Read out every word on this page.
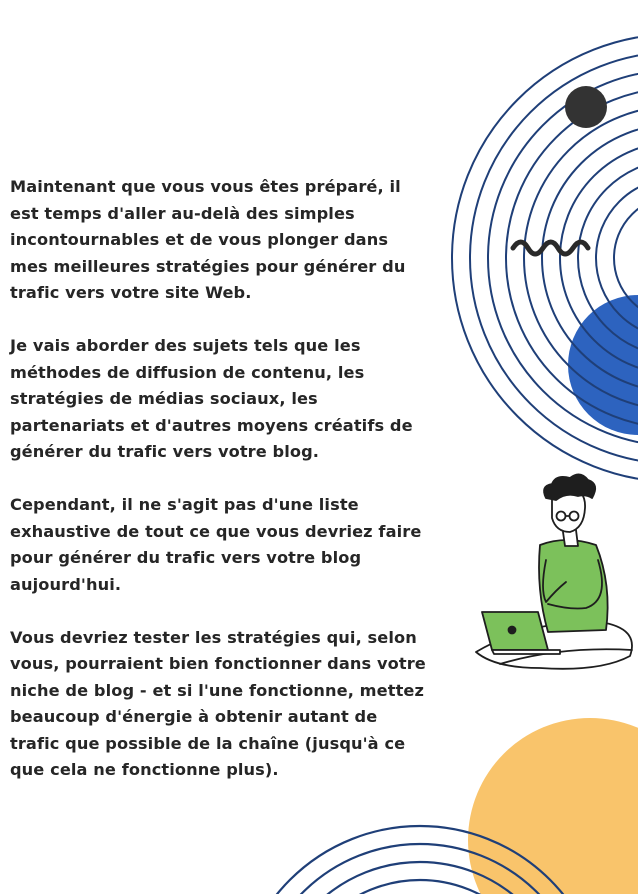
Maintenant que vous vous êtes préparé, il
est temps d'aller au-delà des simples
incontournables et de vous plonger dans
mes meilleures stratégies pour générer du
trafic vers votre site Web.

Je vais aborder des sujets tels que les
méthodes de diffusion de contenu, les
stratégies de médias sociaux, les
partenariats et d'autres moyens créatifs de
générer du trafic vers votre blog.

Cependant, il ne s'agit pas d'une liste
exhaustive de tout ce que vous devriez faire
pour générer du trafic vers votre blog
aujourd'hui.

Vous devriez tester les stratégies qui, selon
vous, pourraient bien fonctionner dans votre
niche de blog - et si l'une fonctionne, mettez
beaucoup d'énergie à obtenir autant de
trafic que possible de la chaîne (jusqu'à ce
que cela ne fonctionne plus).
